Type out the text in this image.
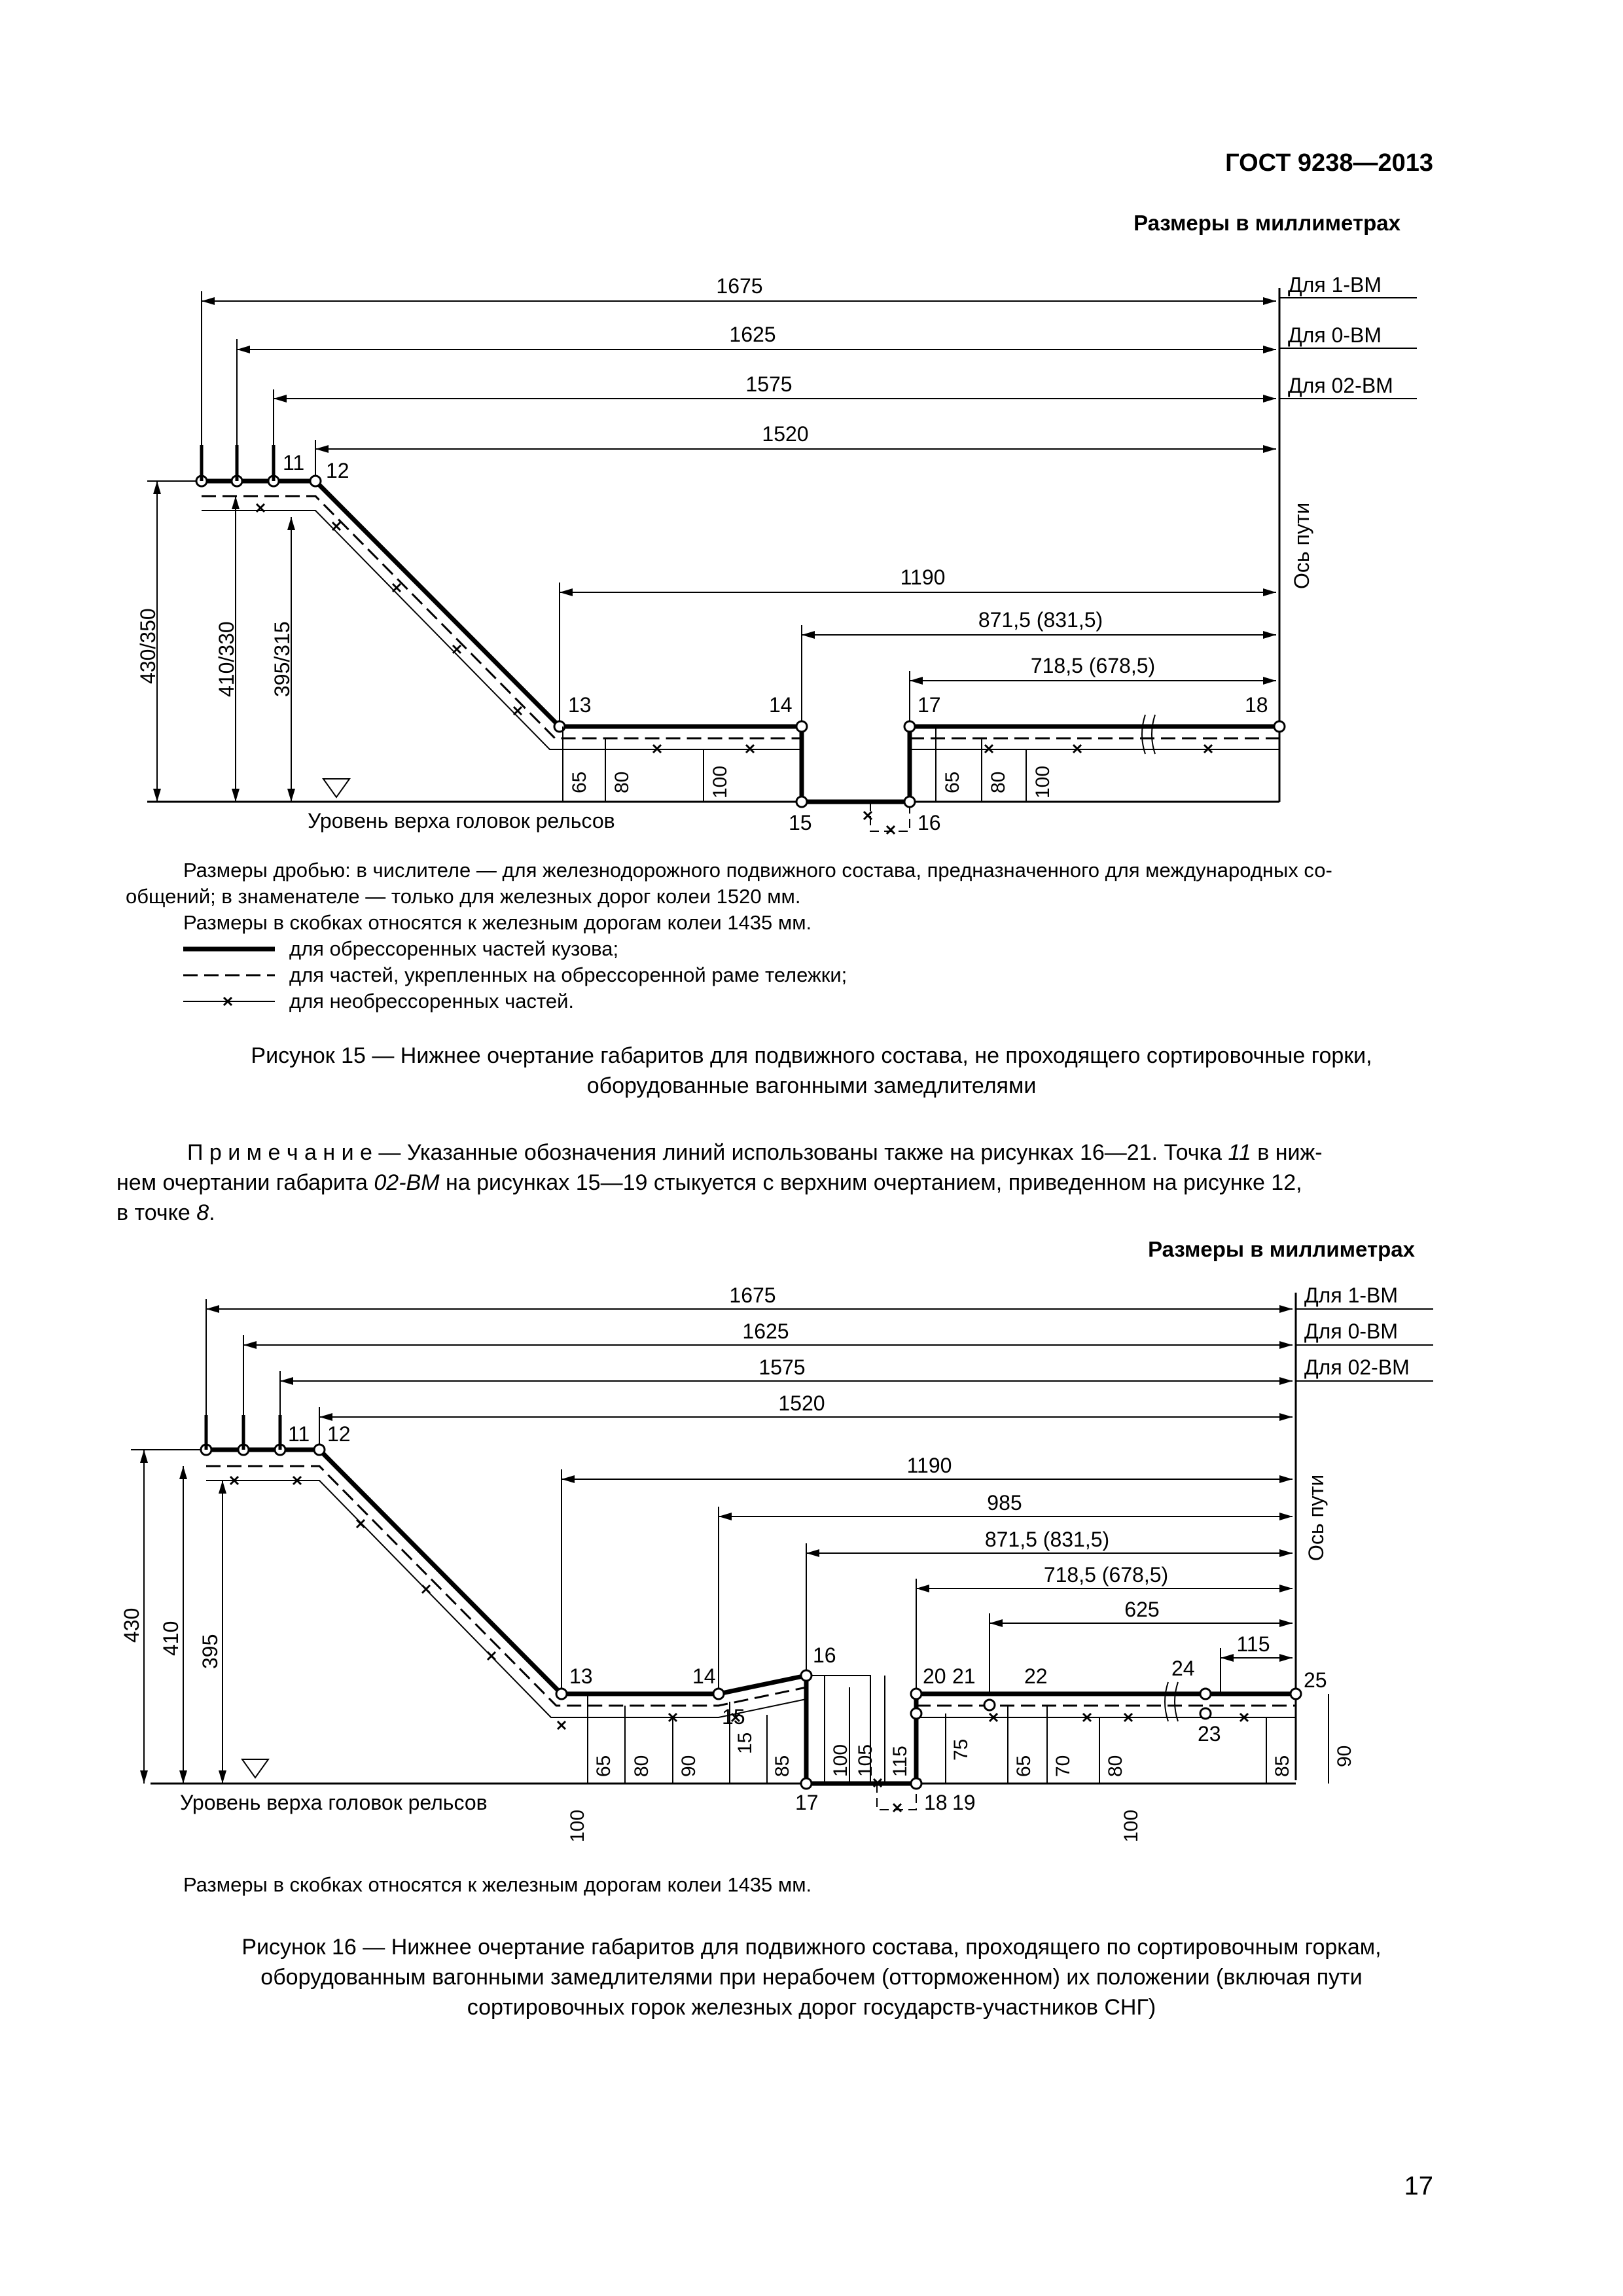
ГОСТ 9238—2013
Размеры в миллиметрах
Для 1-ВМ
Для 0-ВМ
Для 02-ВМ
Ось пути
1675
1625
1575
1520
1190
871,5 (831,5)
718,5 (678,5)
Уровень верха головок рельсов
430/350	410/330 395/315
11 12
13	14
15	16
17	18
65 80	100	65 80 100
Размеры дробью: в числителе — для железнодорожного подвижного состава, предназначенного для международных со-
общений; в знаменателе — только для железных дорог колеи 1520 мм.
Размеры в скобках относятся к железным дорогам колеи 1435 мм.
для обрессоренных частей кузова;
для частей, укрепленных на обрессоренной раме тележки;
для необрессоренных частей.
Рисунок 15 — Нижнее очертание габаритов для подвижного состава, не проходящего сортировочные горки,
оборудованные вагонными замедлителями
П р и м е ч а н и е — Указанные обозначения линий использованы также на рисунках 16—21. Точка 11 в ниж-
нем очертании габарита 02-ВМ на рисунках 15—19 стыкуется с верхним очертанием, приведенном на рисунке 12,
в точке 8.
Размеры в миллиметрах
Для 1-ВМ
Для 0-ВМ
Для 02-ВМ
Ось пути
1675
1625
1575
1520
1190
985
871,5 (831,5)
718,5 (678,5)
625
115
Уровень верха головок рельсов
430 410 395
11 12
13	14
15
16
17	18 19
20 21 22
23
24	25
65 80 90
15
85 100 105 115 75
65 70 80	85 90
100	100
Размеры в скобках относятся к железным дорогам колеи 1435 мм.
Рисунок 16 — Нижнее очертание габаритов для подвижного состава, проходящего по сортировочным горкам,
оборудованным вагонными замедлителями при нерабочем (отторможенном) их положении (включая пути
сортировочных горок железных дорог государств-участников СНГ)
17
